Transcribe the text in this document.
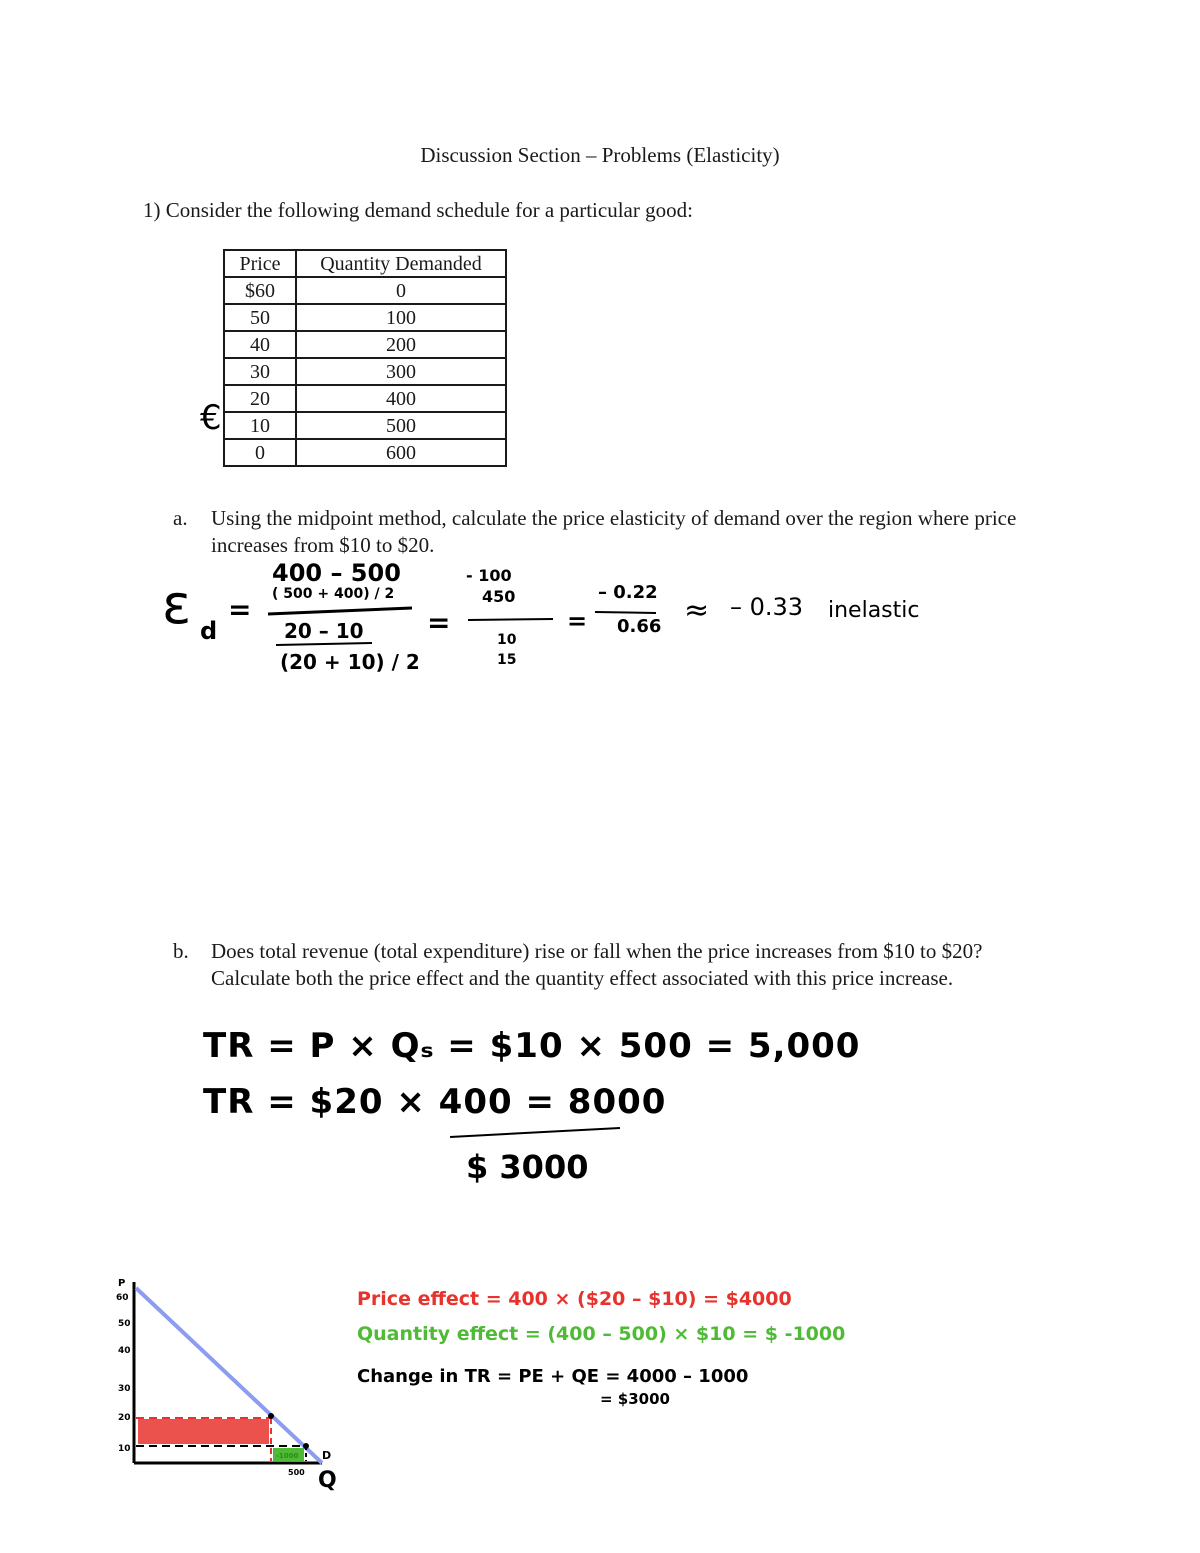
Discussion Section – Problems (Elasticity)
1) Consider the following demand schedule for a particular good:
Price	Quantity Demanded
$60	0
50	100
40	200
30	300
20	400
10	500
0	600
€
a. Using the midpoint method, calculate the price elasticity of demand over the region where price increases from $10 to $20.
ε d
=
400 – 500
( 500 + 400) / 2
20 – 10
(20 + 10) / 2
=
- 100
450
10
15
=
– 0.22
0.66 ≈ – 0.33 inelastic
b. Does total revenue (total expenditure) rise or fall when the price increases from $10 to $20? Calculate both the price effect and the quantity effect associated with this price increase.
TR = P × Qₛ = $10 × 500 = 5,000
TR = $20 × 400 = 8000
$ 3000
Price effect = 400 × ($20 – $10) = $4000
Quantity effect = (400 – 500) × $10 = $ -1000
Change in TR = PE + QE = 4000 – 1000
= $3000
P
60
50
40
30
20
10
500
-1000 D
Q
